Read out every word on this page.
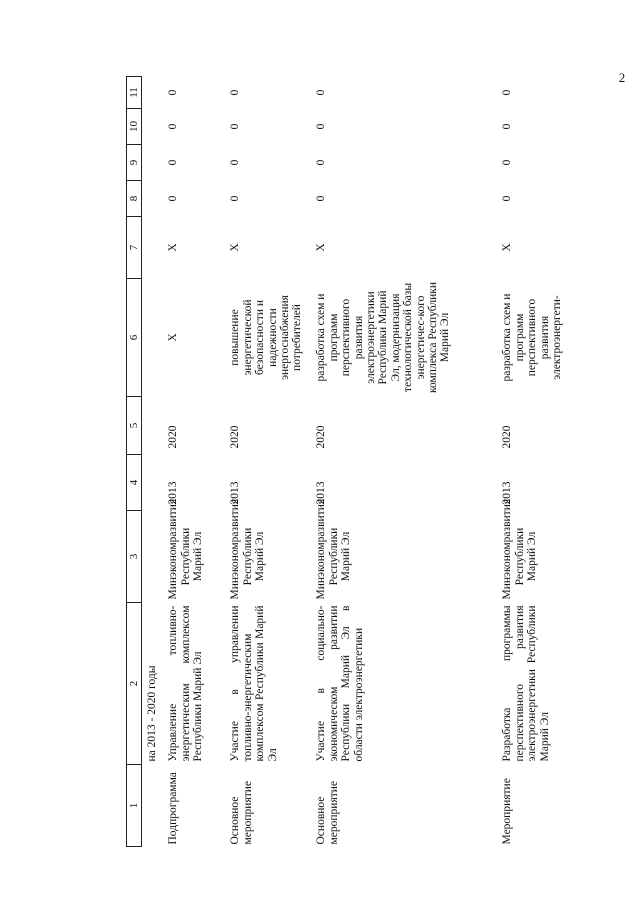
2
1	2	3	4	5	6	7	8	9	10	11
	на 2013 - 2020 годы									
Подпрограмма	Управление топливно-энергетическим комплексом Республики Марий Эл	Минэкономразвития Республики Марий Эл	2013	2020	Х	Х	0	0	0	0
Основное мероприятие	Участие в управлении топливно-энергетическим комплексом Республики Марий Эл	Минэкономразвития Республики Марий Эл	2013	2020	повышение энергетической безопасности и надежности энергоснабжения потребителей	Х	0	0	0	0
Основное мероприятие	Участие в социально-экономическом развитии Республики Марий Эл в области электроэнергетики	Минэкономразвития Республики Марий Эл	2013	2020	разработка схем и программ перспективного развития электроэнергетики Республики Марий Эл, модернизация технологической базы энергетичес-кого комплекса Республики Марий Эл	Х	0	0	0	0
Мероприятие	Разработка программы перспективного развития электроэнергетики Республики Марий Эл	Минэкономразвития Республики Марий Эл	2013	2020	разработка схем и программ перспективного развития электроэнергети-	Х	0	0	0	0
